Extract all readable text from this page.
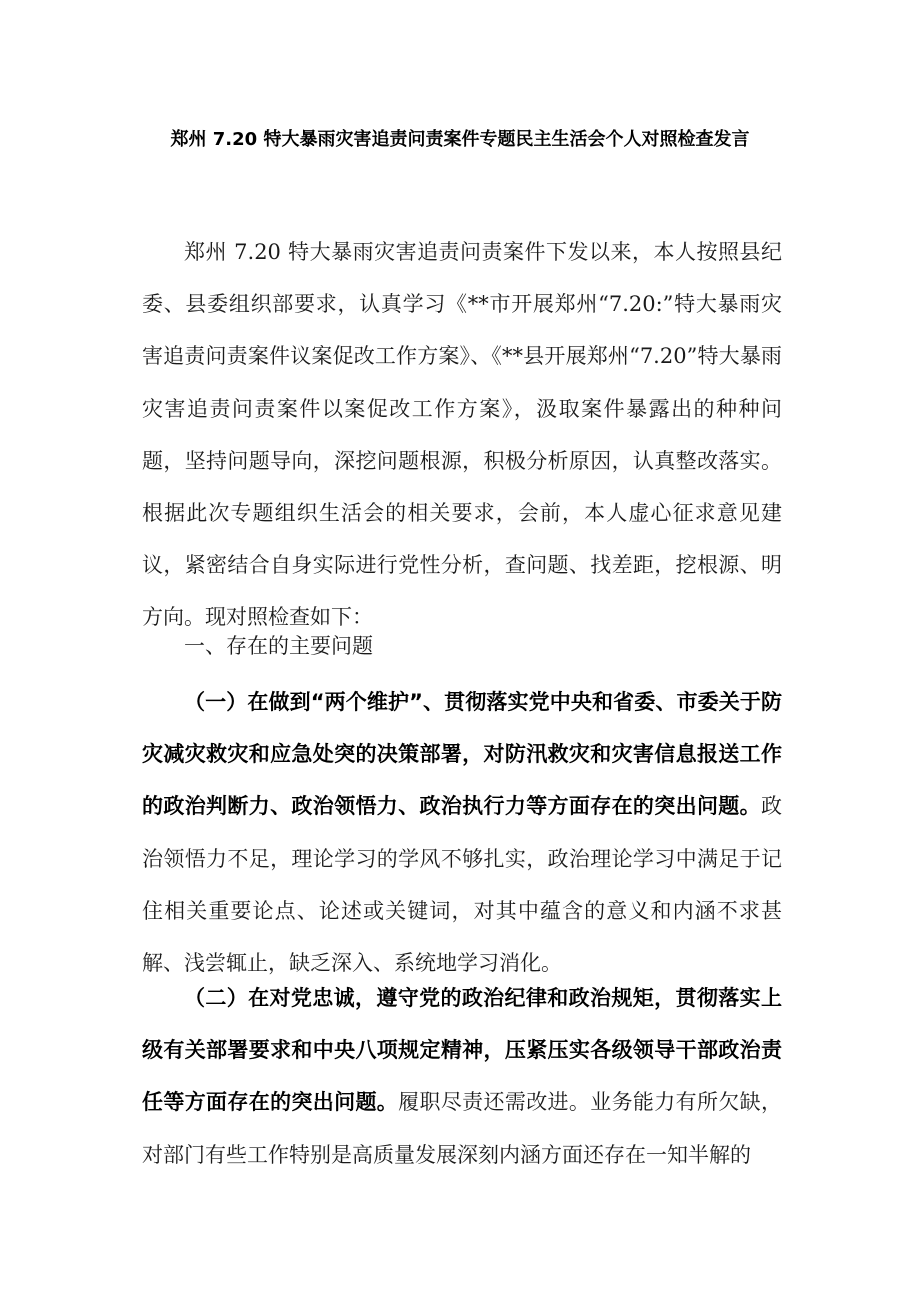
郑州 7.20 特大暴雨灾害追责问责案件专题民主生活会个人对照检查发言

郑州 7.20 特大暴雨灾害追责问责案件下发以来，本人按照县纪委、县委组织部要求，认真学习《**市开展郑州“7.20:”特大暴雨灾害追责问责案件议案促改工作方案》、《**县开展郑州“7.20”特大暴雨灾害追责问责案件以案促改工作方案》，汲取案件暴露出的种种问题，坚持问题导向，深挖问题根源，积极分析原因，认真整改落实。根据此次专题组织生活会的相关要求，会前，本人虚心征求意见建议，紧密结合自身实际进行党性分析，查问题、找差距，挖根源、明方向。现对照检查如下：

一、存在的主要问题

（一）在做到“两个维护”、贯彻落实党中央和省委、市委关于防灾减灾救灾和应急处突的决策部署，对防汛救灾和灾害信息报送工作的政治判断力、政治领悟力、政治执行力等方面存在的突出问题。政治领悟力不足，理论学习的学风不够扎实，政治理论学习中满足于记住相关重要论点、论述或关键词，对其中蕴含的意义和内涵不求甚解、浅尝辄止，缺乏深入、系统地学习消化。

（二）在对党忠诚，遵守党的政治纪律和政治规矩，贯彻落实上级有关部署要求和中央八项规定精神，压紧压实各级领导干部政治责任等方面存在的突出问题。履职尽责还需改进。业务能力有所欠缺，对部门有些工作特别是高质量发展深刻内涵方面还存在一知半解的
